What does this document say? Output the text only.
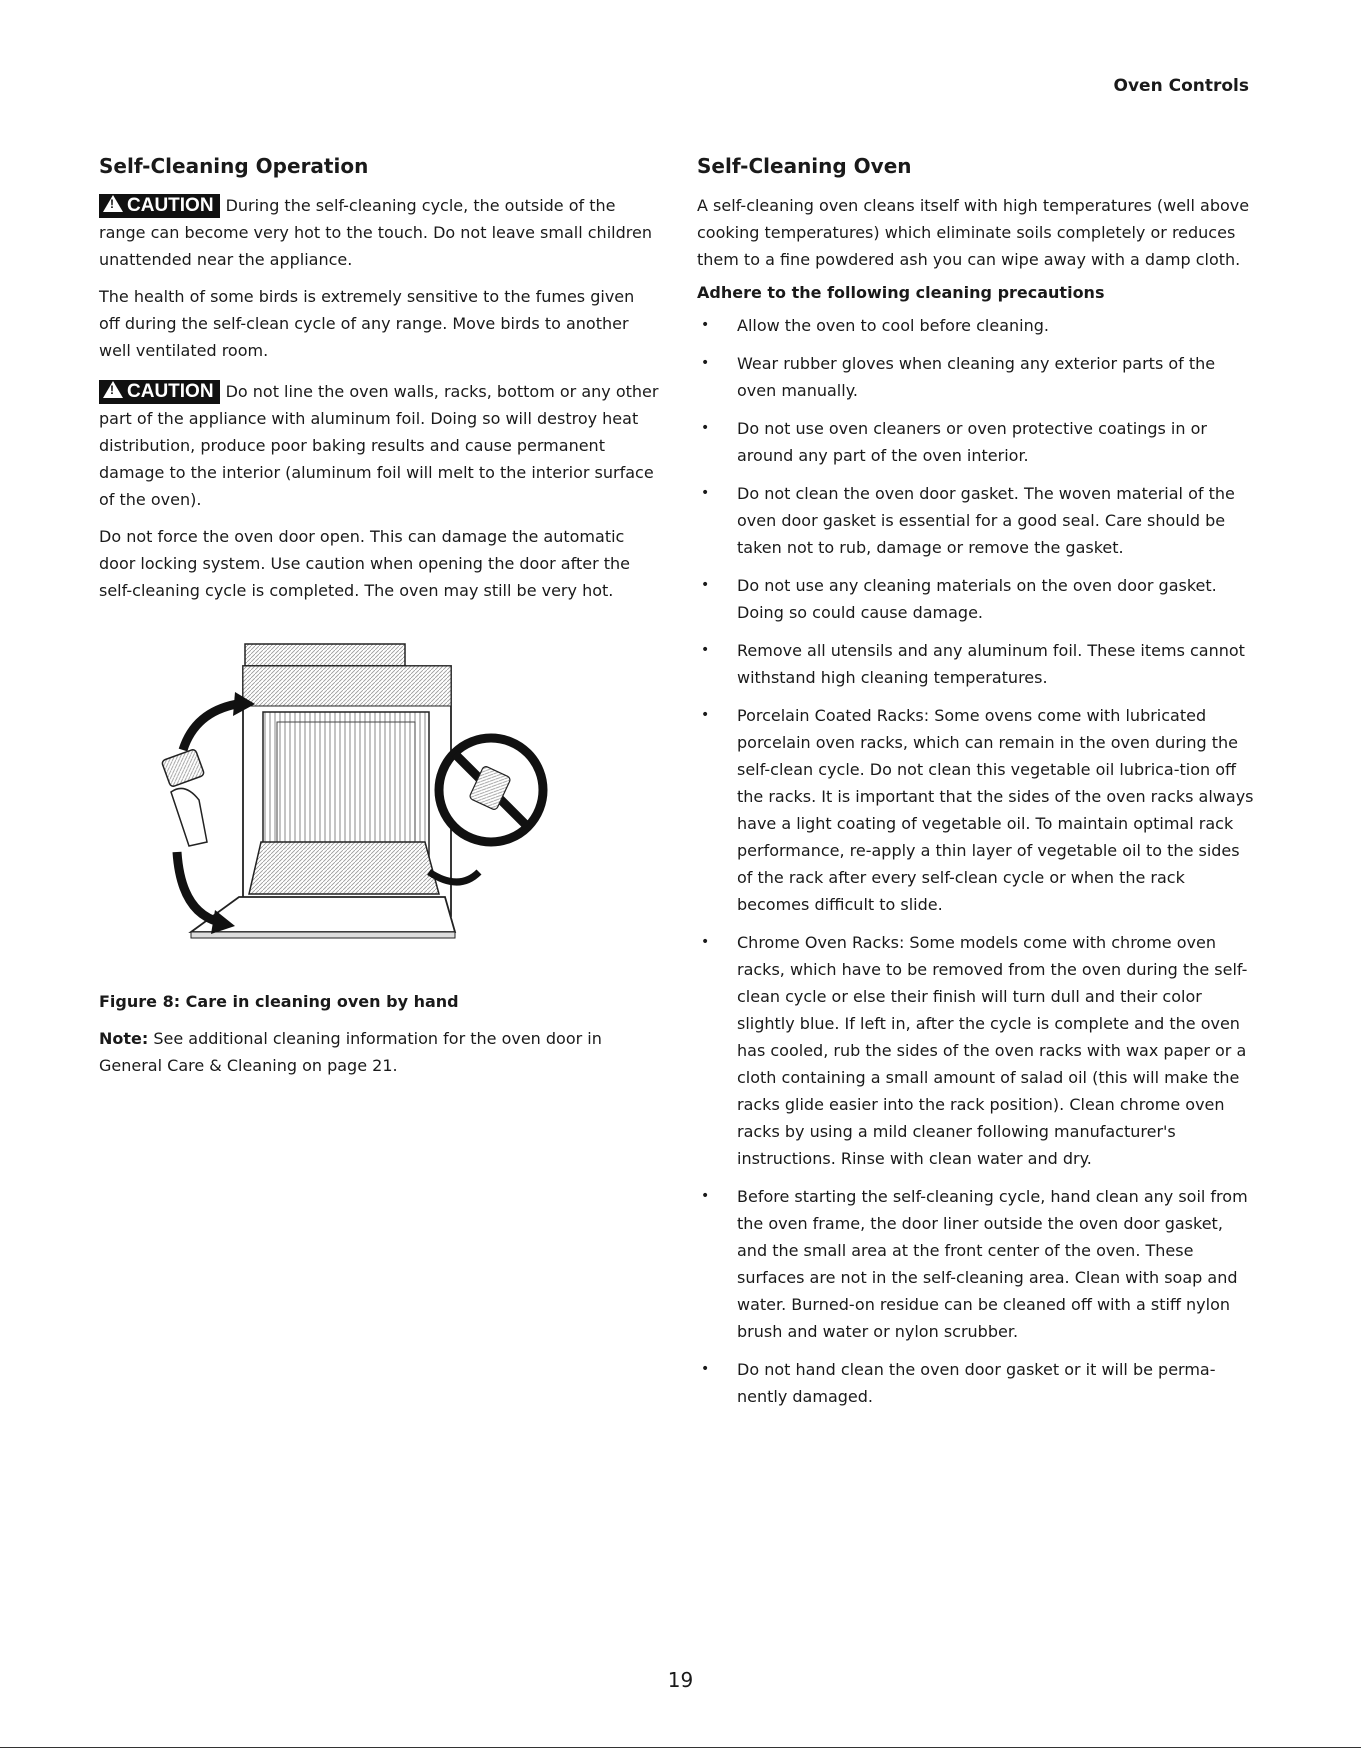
Oven Controls
Self-Cleaning Operation

!CAUTION During the self-cleaning cycle, the outside of the range can become very hot to the touch. Do not leave small children unattended near the appliance.

The health of some birds is extremely sensitive to the fumes given off during the self-clean cycle of any range. Move birds to another well ventilated room.

!CAUTION Do not line the oven walls, racks, bottom or any other part of the appliance with aluminum foil. Doing so will destroy heat distribution, produce poor baking results and cause permanent damage to the interior (aluminum foil will melt to the interior surface of the oven).

Do not force the oven door open. This can damage the automatic door locking system. Use caution when opening the door after the self-cleaning cycle is completed. The oven may still be very hot.

Figure 8: Care in cleaning oven by hand

Note: See additional cleaning information for the oven door in General Care & Cleaning on page 21.

Self-Cleaning Oven

A self-cleaning oven cleans itself with high temperatures (well above cooking temperatures) which eliminate soils completely or reduces them to a fine powdered ash you can wipe away with a damp cloth.

Adhere to the following cleaning precautions
• Allow the oven to cool before cleaning.
• Wear rubber gloves when cleaning any exterior parts of the oven manually.
• Do not use oven cleaners or oven protective coatings in or around any part of the oven interior.
• Do not clean the oven door gasket. The woven material of the oven door gasket is essential for a good seal. Care should be taken not to rub, damage or remove the gasket.
• Do not use any cleaning materials on the oven door gasket. Doing so could cause damage.
• Remove all utensils and any aluminum foil. These items cannot withstand high cleaning temperatures.
• Porcelain Coated Racks: Some ovens come with lubricated porcelain oven racks, which can remain in the oven during the self-clean cycle. Do not clean this vegetable oil lubrica-tion off the racks. It is important that the sides of the oven racks always have a light coating of vegetable oil. To maintain optimal rack performance, re-apply a thin layer of vegetable oil to the sides of the rack after every self-clean cycle or when the rack becomes difficult to slide.
• Chrome Oven Racks: Some models come with chrome oven racks, which have to be removed from the oven during the self-clean cycle or else their finish will turn dull and their color slightly blue. If left in, after the cycle is complete and the oven has cooled, rub the sides of the oven racks with wax paper or a cloth containing a small amount of salad oil (this will make the racks glide easier into the rack position). Clean chrome oven racks by using a mild cleaner following manufacturer's instructions. Rinse with clean water and dry.
• Before starting the self-cleaning cycle, hand clean any soil from the oven frame, the door liner outside the oven door gasket, and the small area at the front center of the oven. These surfaces are not in the self-cleaning area. Clean with soap and water. Burned-on residue can be cleaned off with a stiff nylon brush and water or nylon scrubber.
• Do not hand clean the oven door gasket or it will be perma-nently damaged.
19
